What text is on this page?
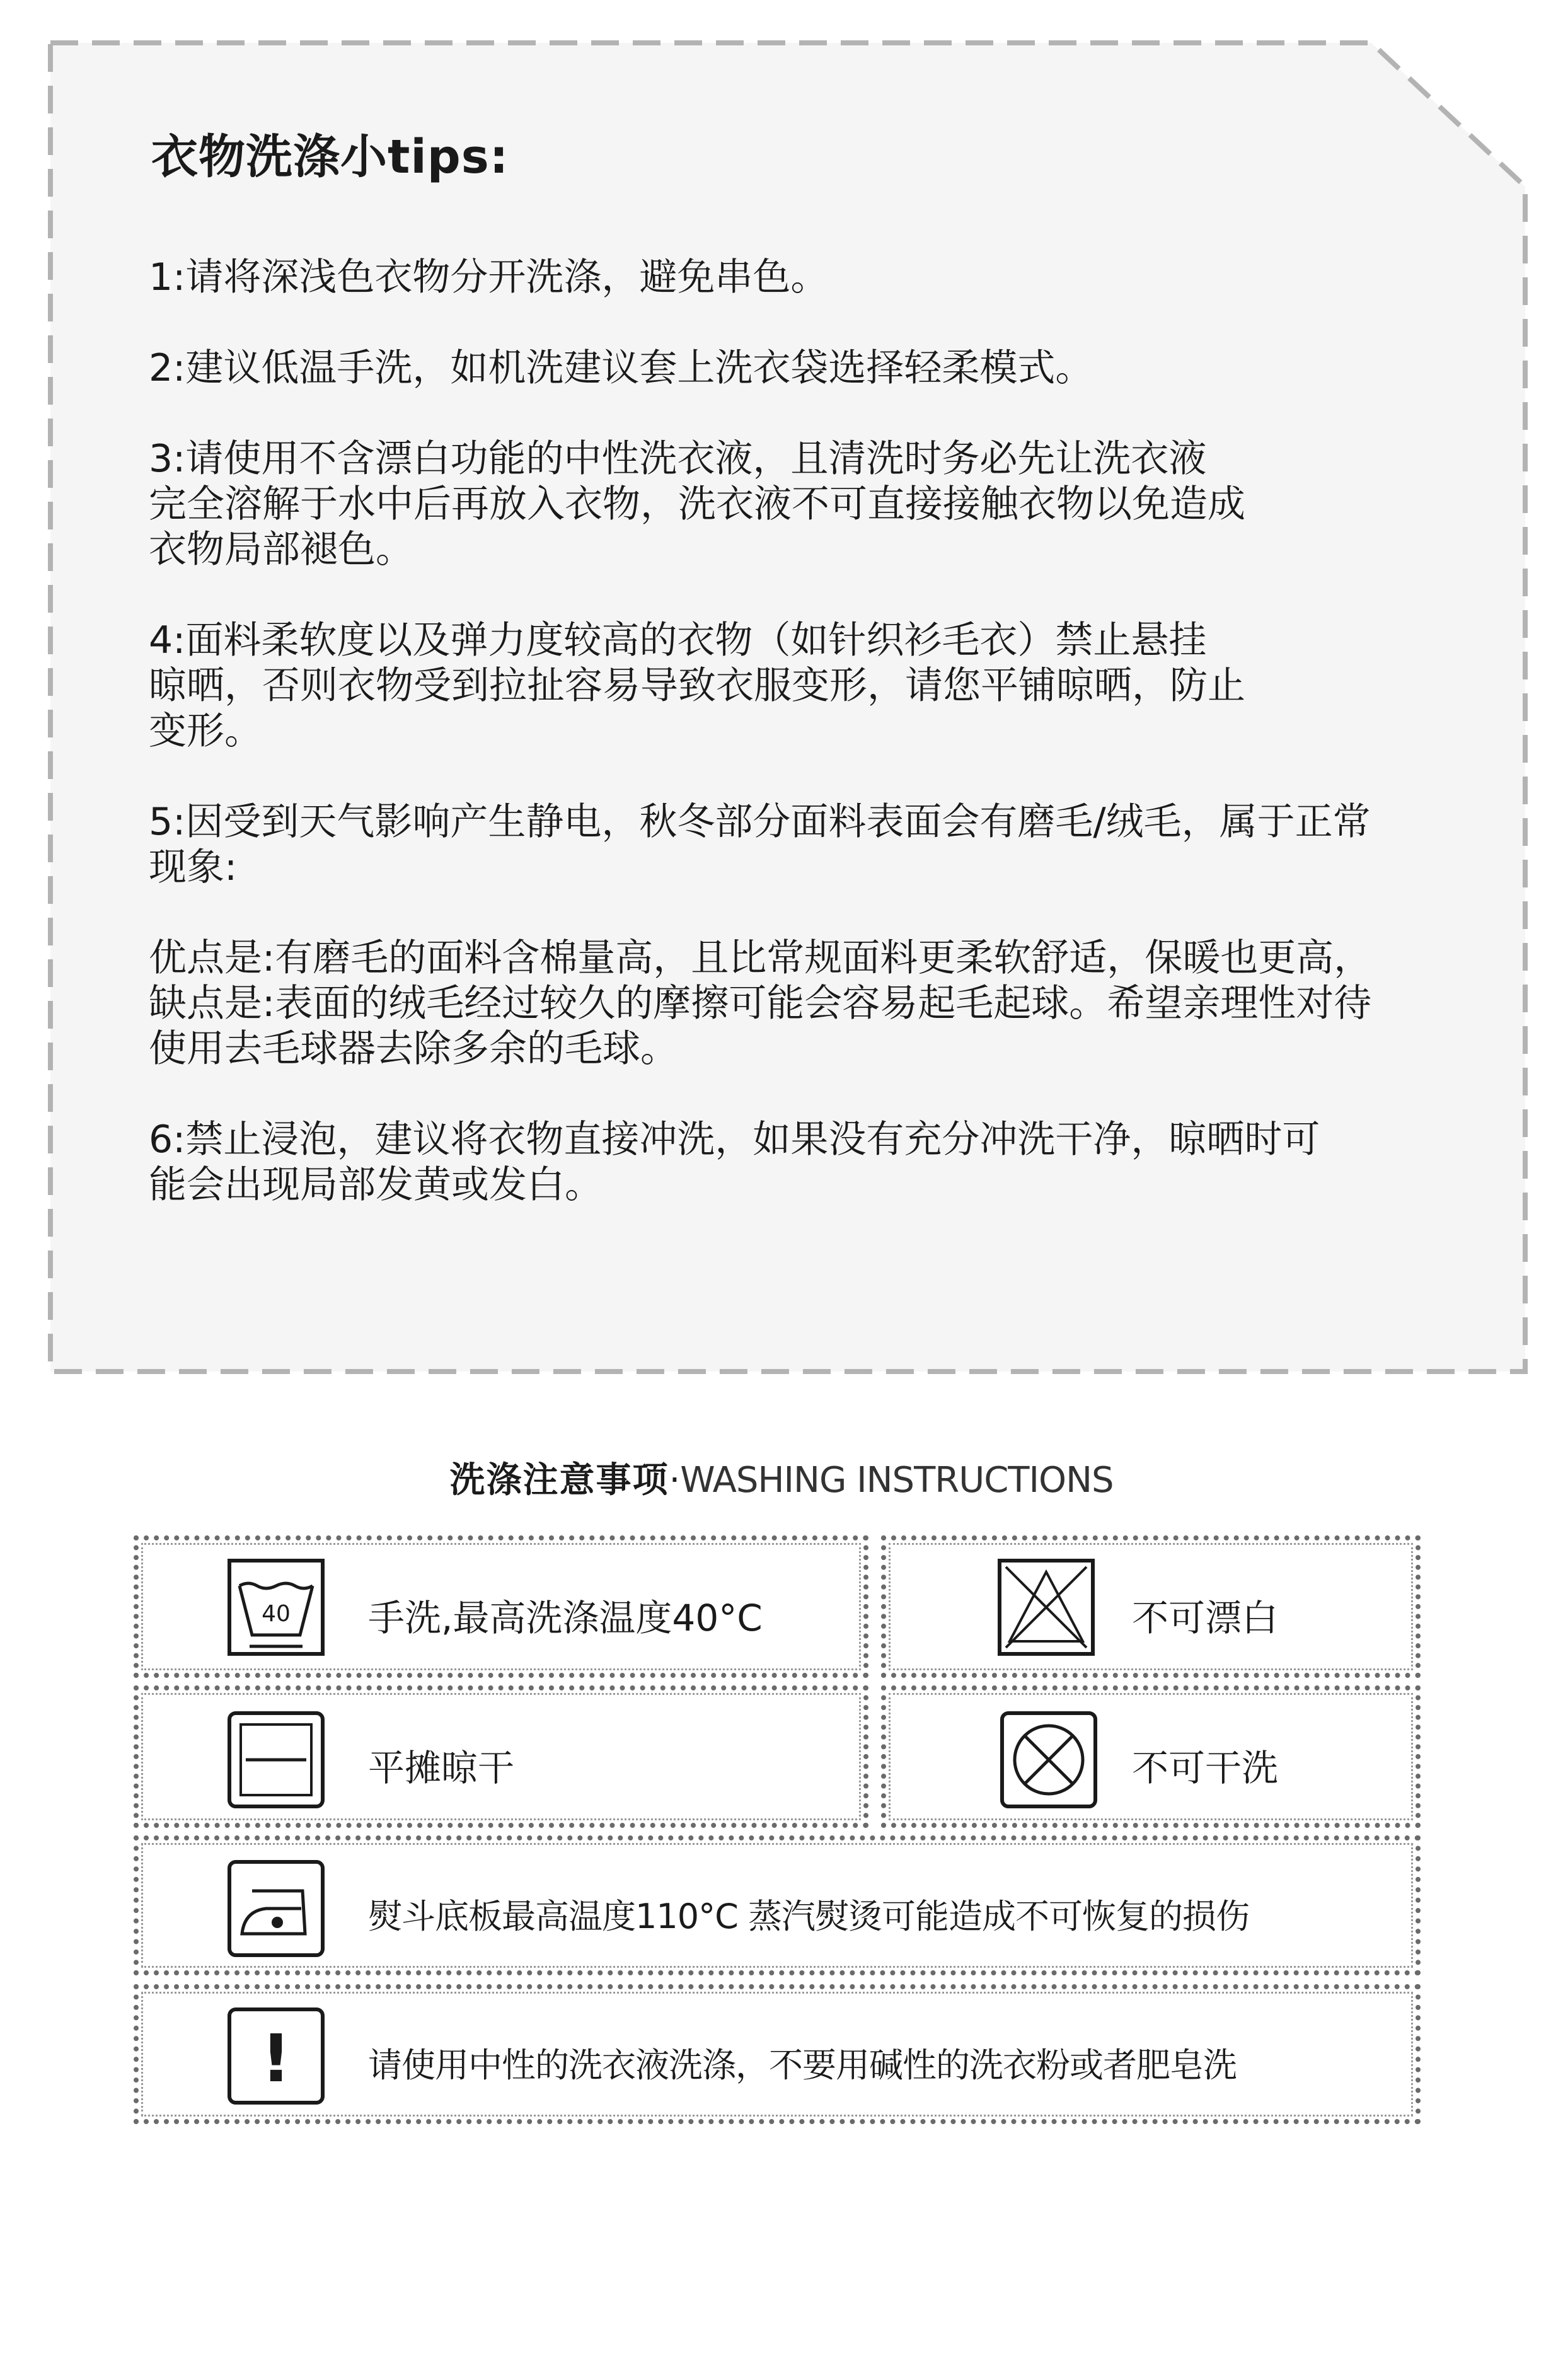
衣物洗涤小tips:

1:请将深浅色衣物分开洗涤，避免串色。

2:建议低温手洗，如机洗建议套上洗衣袋选择轻柔模式。

3:请使用不含漂白功能的中性洗衣液，且清洗时务必先让洗衣液
完全溶解于水中后再放入衣物，洗衣液不可直接接触衣物以免造成
衣物局部褪色。

4:面料柔软度以及弹力度较高的衣物（如针织衫毛衣）禁止悬挂
晾晒，否则衣物受到拉扯容易导致衣服变形，请您平铺晾晒，防止
变形。

5:因受到天气影响产生静电，秋冬部分面料表面会有磨毛/绒毛，属于正常
现象:

优点是:有磨毛的面料含棉量高，且比常规面料更柔软舒适，保暖也更高，
缺点是:表面的绒毛经过较久的摩擦可能会容易起毛起球。希望亲理性对待
使用去毛球器去除多余的毛球。

6:禁止浸泡，建议将衣物直接冲洗，如果没有充分冲洗干净，晾晒时可
能会出现局部发黄或发白。

洗涤注意事项·WASHING INSTRUCTIONS
40 手洗,最高洗涤温度40°C	不可漂白
平摊晾干	不可干洗
熨斗底板最高温度110°C 蒸汽熨烫可能造成不可恢复的损伤
! 请使用中性的洗衣液洗涤，不要用碱性的洗衣粉或者肥皂洗
